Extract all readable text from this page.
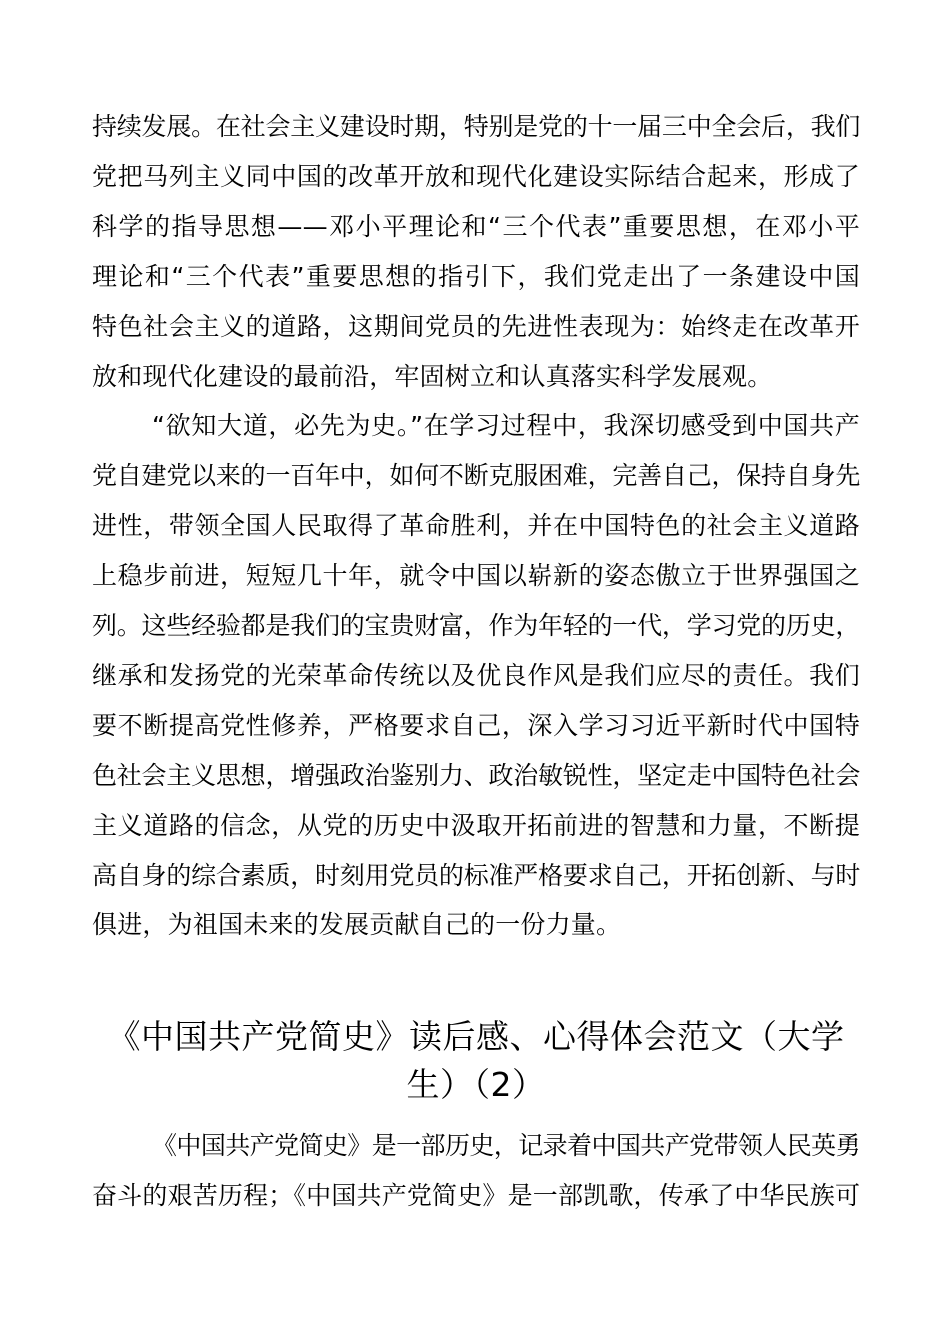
持续发展。在社会主义建设时期，特别是党的十一届三中全会后，我们
党把马列主义同中国的改革开放和现代化建设实际结合起来，形成了
科学的指导思想——邓小平理论和“三个代表”重要思想，在邓小平
理论和“三个代表”重要思想的指引下，我们党走出了一条建设中国
特色社会主义的道路，这期间党员的先进性表现为：始终走在改革开
放和现代化建设的最前沿，牢固树立和认真落实科学发展观。
“欲知大道，必先为史。”在学习过程中，我深切感受到中国共产
党自建党以来的一百年中，如何不断克服困难，完善自己，保持自身先
进性，带领全国人民取得了革命胜利，并在中国特色的社会主义道路
上稳步前进，短短几十年，就令中国以崭新的姿态傲立于世界强国之
列。这些经验都是我们的宝贵财富，作为年轻的一代，学习党的历史，
继承和发扬党的光荣革命传统以及优良作风是我们应尽的责任。我们
要不断提高党性修养，严格要求自己，深入学习习近平新时代中国特
色社会主义思想，增强政治鉴别力、政治敏锐性，坚定走中国特色社会
主义道路的信念，从党的历史中汲取开拓前进的智慧和力量，不断提
高自身的综合素质，时刻用党员的标准严格要求自己，开拓创新、与时
俱进，为祖国未来的发展贡献自己的一份力量。
《中国共产党简史》读后感、心得体会范文（大学
生）（2）
《中国共产党简史》是一部历史，记录着中国共产党带领人民英勇
奋斗的艰苦历程；《中国共产党简史》是一部凯歌，传承了中华民族可
